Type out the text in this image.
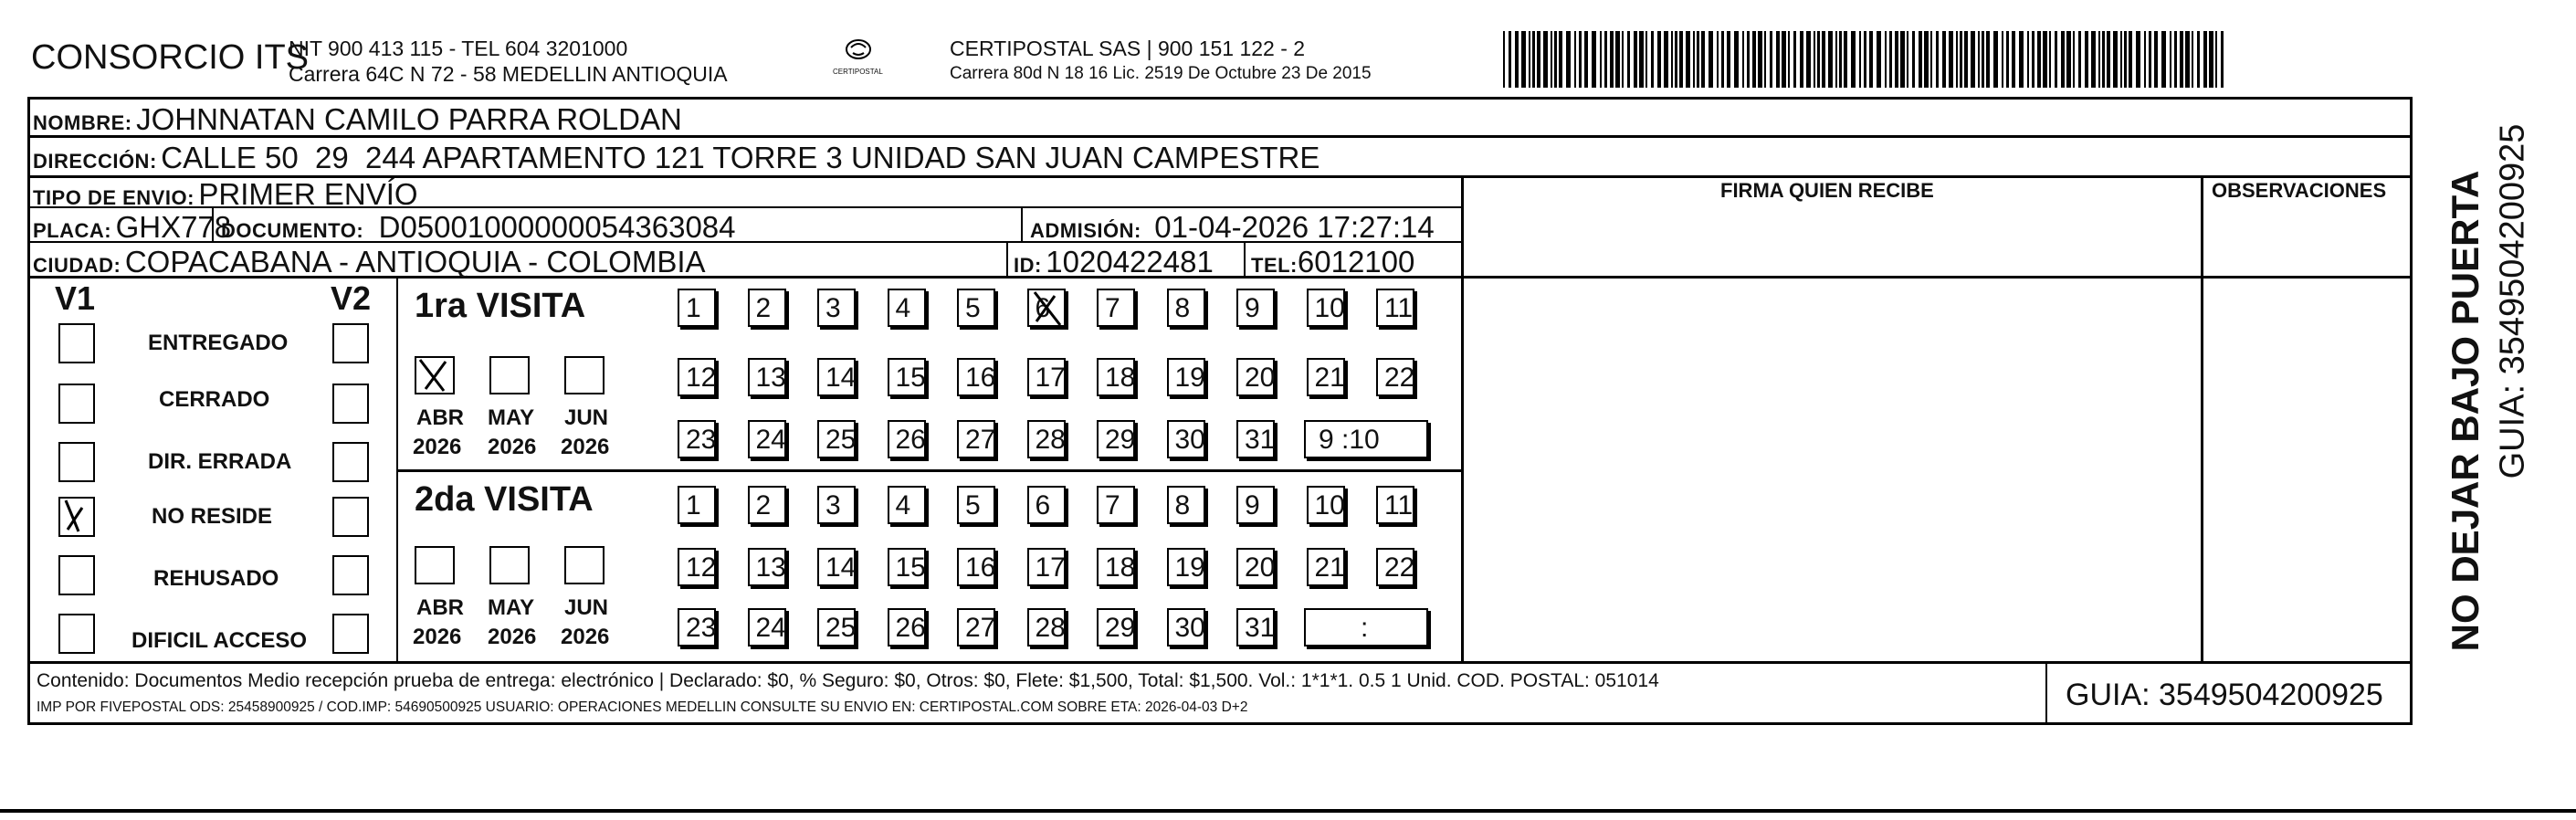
CONSORCIO ITS
NIT 900 413 115 - TEL 604 3201000
Carrera 64C N 72 - 58 MEDELLIN ANTIOQUIA	CERTIPOSTAL
CERTIPOSTAL SAS | 900 151 122 - 2
Carrera 80d N 18 16 Lic. 2519 De Octubre 23 De 2015
NOMBRE: JOHNNATAN CAMILO PARRA ROLDAN
DIRECCIÓN: CALLE 50  29  244 APARTAMENTO 121 TORRE 3 UNIDAD SAN JUAN CAMPESTRE
TIPO DE ENVIO: PRIMER ENVÍO
PLACA: GHX778
DOCUMENTO: D05001000000054363084	ADMISIÓN: 01-04-2026 17:27:14
CIUDAD: COPACABANA - ANTIOQUIA - COLOMBIA	ID: 1020422481 TEL:6012100
FIRMA QUIEN RECIBE	OBSERVACIONES
V1	V2
ENTREGADO
CERRADO
DIR. ERRADA
NO RESIDE
REHUSADO
DIFICIL ACCESO
1ra VISITA
ABR MAY JUN
2026 2026 2026
1	2	3	4	5	6	7	8	9	10	11
12	13	14	15	16	17	18	19	20	21	22
23	24	25	26	27	28	29	30	31	9 :10
2da VISITA
ABR MAY JUN
2026 2026 2026
1	2	3	4	5	6	7	8	9	10	11
12	13	14	15	16	17	18	19	20	21	22
23	24	25	26	27	28	29	30	31	:
Contenido: Documentos Medio recepción prueba de entrega: electrónico | Declarado: $0, % Seguro: $0, Otros: $0, Flete: $1,500, Total: $1,500. Vol.: 1*1*1. 0.5 1 Unid. COD. POSTAL: 051014
IMP POR FIVEPOSTAL ODS: 25458900925 / COD.IMP: 54690500925 USUARIO: OPERACIONES MEDELLIN CONSULTE SU ENVIO EN: CERTIPOSTAL.COM SOBRE ETA: 2026-04-03 D+2	GUIA: 3549504200925
NO DEJAR BAJO PUERTA GUIA: 3549504200925
